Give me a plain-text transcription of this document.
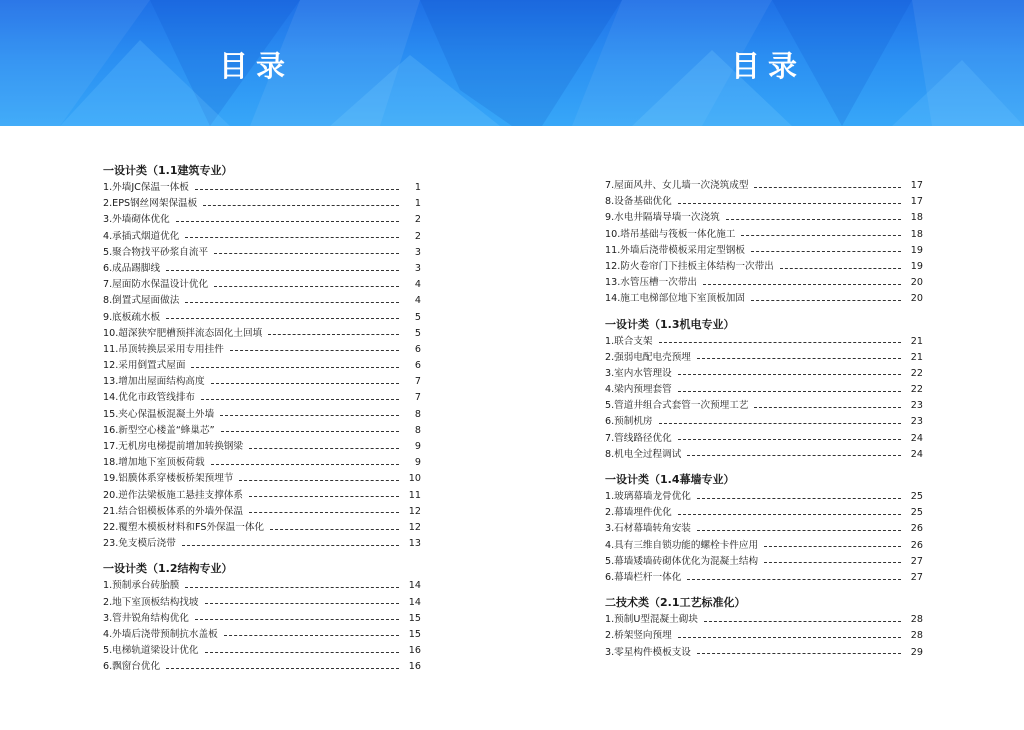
目录
一设计类（1.1建筑专业）
1.外墙JC保温一体板	1
2.EPS钢丝网架保温板	1
3.外墙砌体优化	2
4.承插式烟道优化	2
5.聚合物找平砂浆自流平	3
6.成品踢脚线	3
7.屋面防水保温设计优化	4
8.倒置式屋面做法	4
9.底板疏水板	5
10.超深狭窄肥槽预拌流态固化土回填	5
11.吊顶转换层采用专用挂件	6
12.采用倒置式屋面	6
13.增加出屋面结构高度	7
14.优化市政管线排布	7
15.夹心保温板混凝土外墙	8
16.新型空心楼盖“蜂巢芯”	8
17.无机房电梯提前增加转换钢梁	9
18.增加地下室顶板荷载	9
19.铝膜体系穿楼板桥架预埋节	10
20.逆作法梁板施工悬挂支撑体系	11
21.结合铝模板体系的外墙外保温	12
22.覆塑木模板材料和FS外保温一体化	12
23.免支模后浇带	13
一设计类（1.2结构专业）
1.预制承台砖胎膜	14
2.地下室顶板结构找坡	14
3.管井锐角结构优化	15
4.外墙后浇带预制抗水盖板	15
5.电梯轨道梁设计优化	16
6.飘窗台优化	16
目录
7.屋面风井、女儿墙一次浇筑成型	17
8.设备基础优化	17
9.水电井隔墙导墙一次浇筑	18
10.塔吊基础与筏板一体化施工	18
11.外墙后浇带模板采用定型钢板	19
12.防火卷帘门下挂板主体结构一次带出	19
13.水管压槽一次带出	20
14.施工电梯部位地下室顶板加固	20
一设计类（1.3机电专业）
1.联合支架	21
2.强弱电配电壳预埋	21
3.室内水管理设	22
4.梁内预埋套管	22
5.管道井组合式套管一次预埋工艺	23
6.预制机房	23
7.管线路径优化	24
8.机电全过程调试	24
一设计类（1.4幕墙专业）
1.玻璃幕墙龙骨优化	25
2.幕墙埋件优化	25
3.石材幕墙转角安装	26
4.具有三维自锁功能的螺栓卡件应用	26
5.幕墙矮墙砖砌体优化为混凝土结构	27
6.幕墙栏杆一体化	27
二技术类（2.1工艺标准化）
1.预制U型混凝土砌块	28
2.桥架竖向预埋	28
3.零星构件模板支设	29
